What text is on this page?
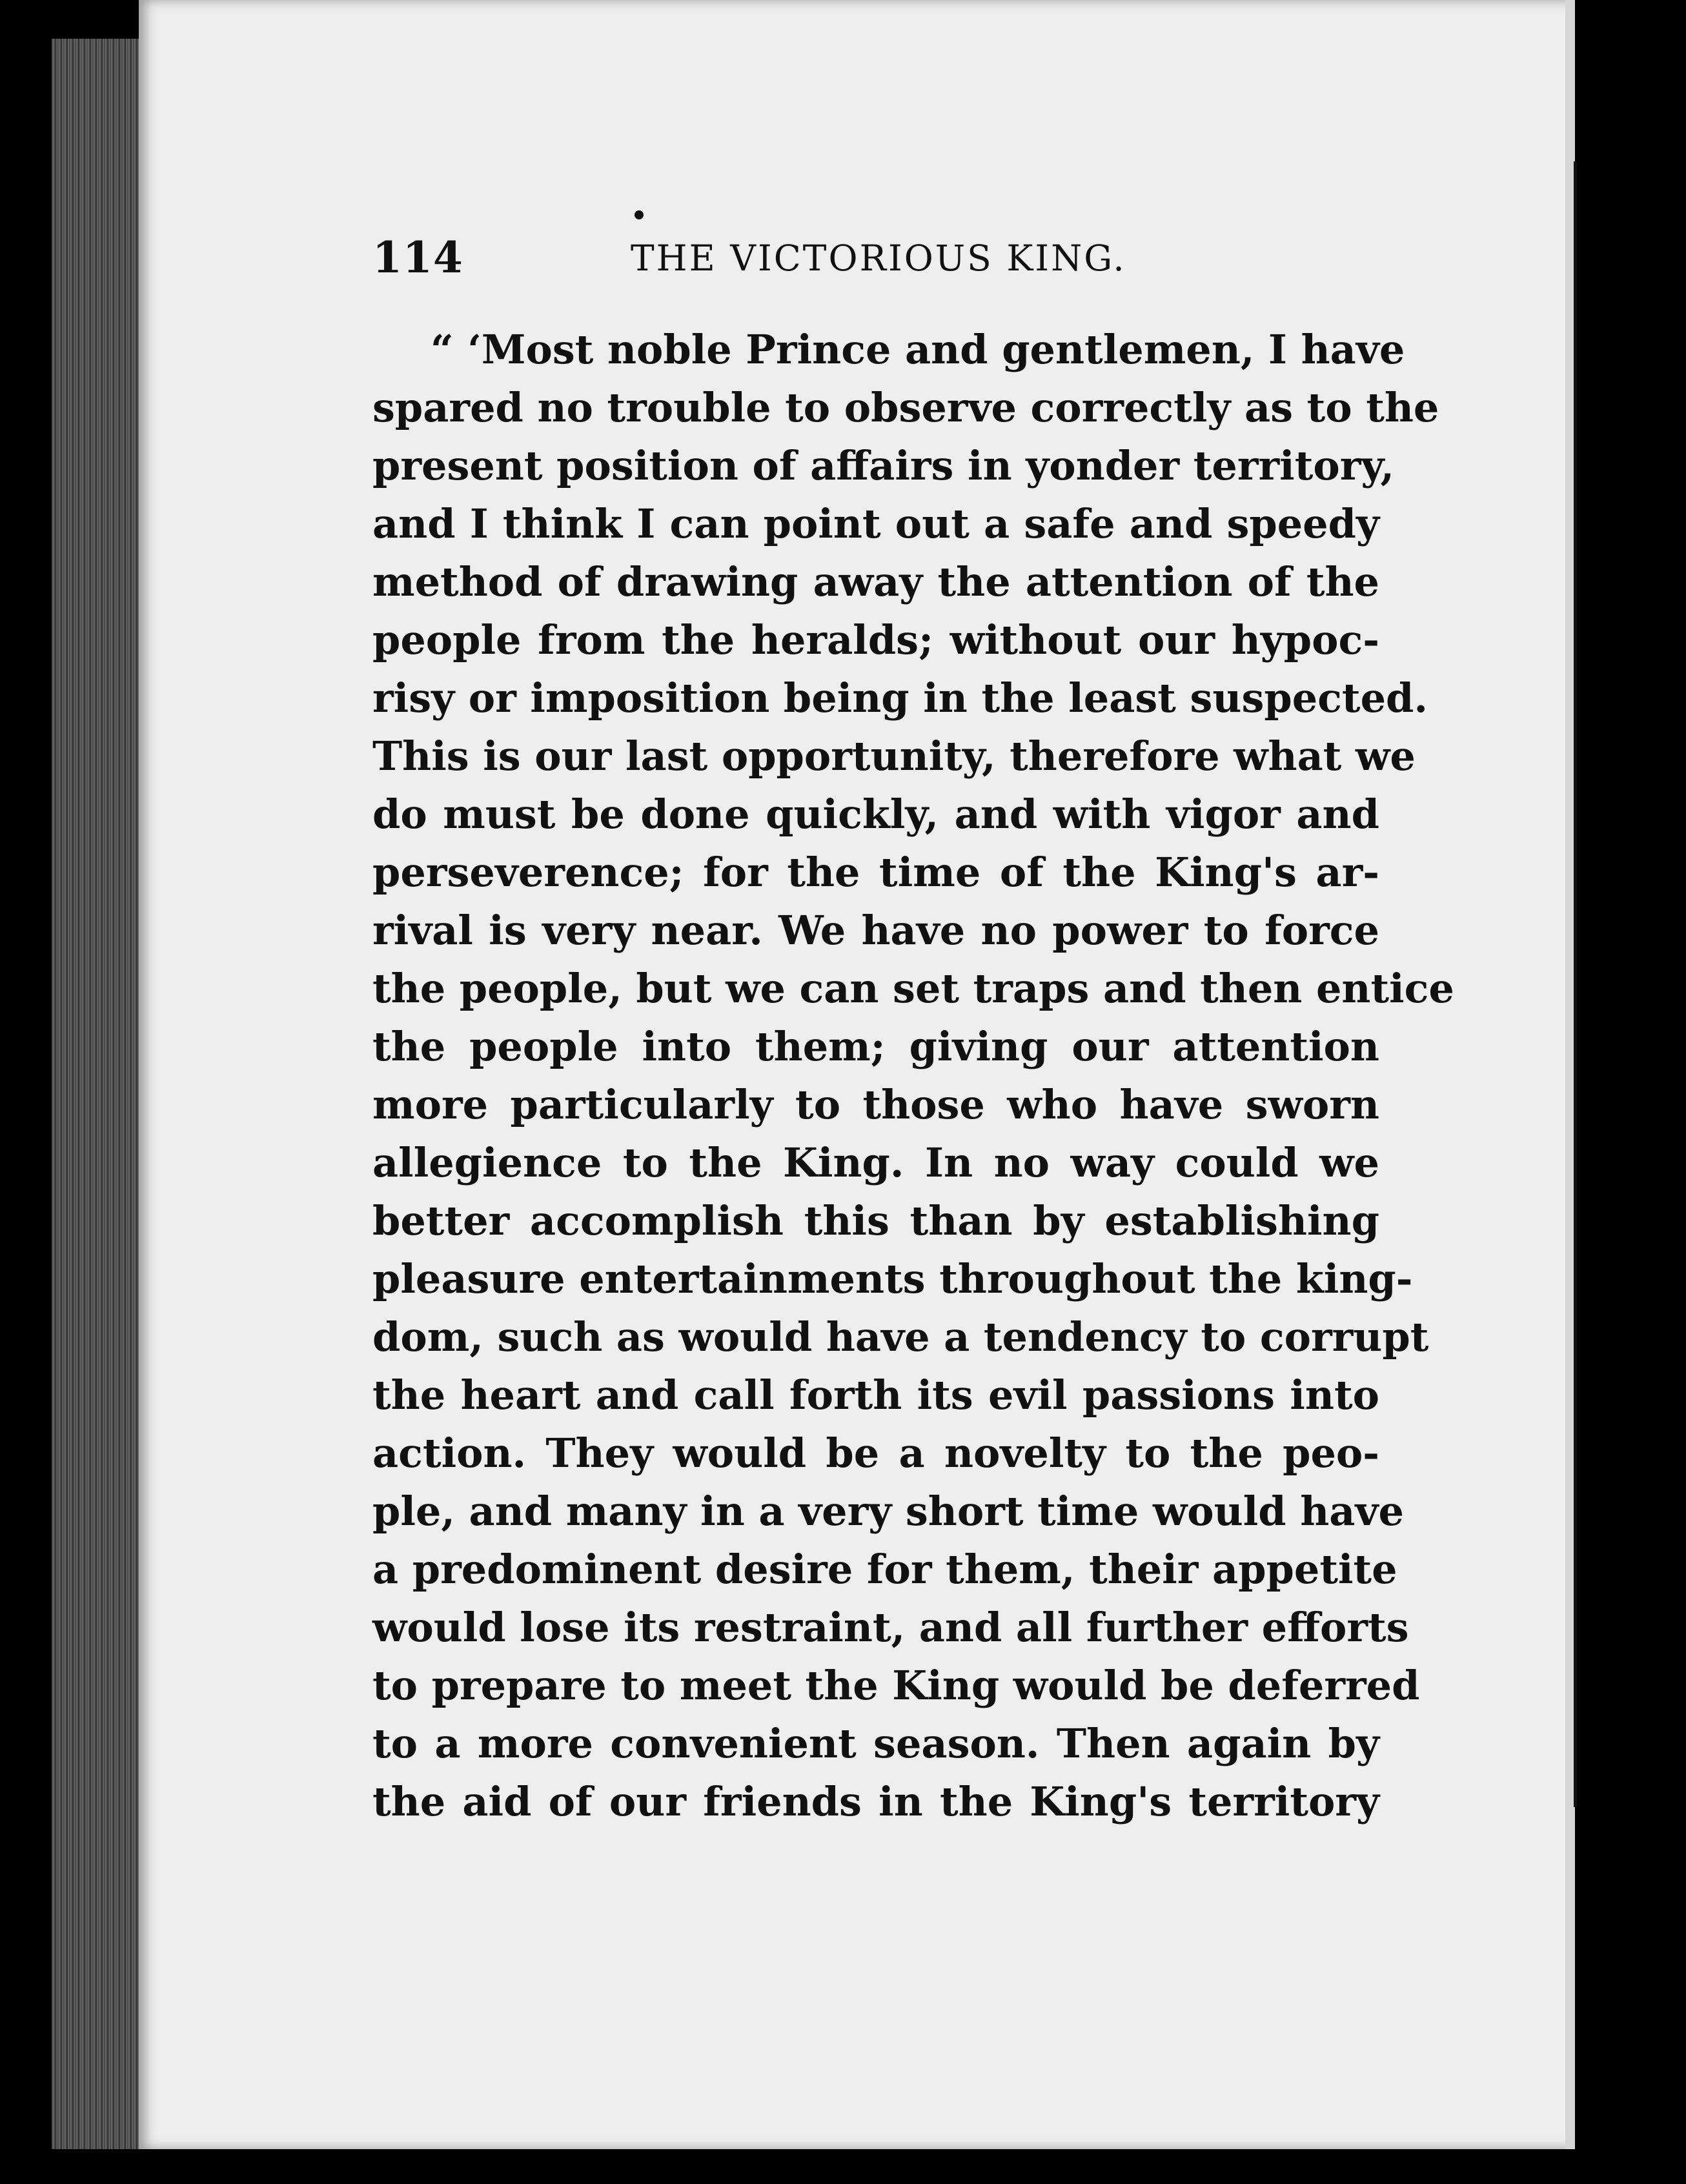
114	THE VICTORIOUS KING.
“ ‘Most noble Prince and gentlemen, I have
spared no trouble to observe correctly as to the
present position of affairs in yonder territory,
and I think I can point out a safe and speedy
method of drawing away the attention of the
people from the heralds; without our hypoc-
risy or imposition being in the least suspected.
This is our last opportunity, therefore what we
do must be done quickly, and with vigor and
perseverence; for the time of the King's ar-
rival is very near. We have no power to force
the people, but we can set traps and then entice
the people into them; giving our attention
more particularly to those who have sworn
allegience to the King. In no way could we
better accomplish this than by establishing
pleasure entertainments throughout the king-
dom, such as would have a tendency to corrupt
the heart and call forth its evil passions into
action. They would be a novelty to the peo-
ple, and many in a very short time would have
a predominent desire for them, their appetite
would lose its restraint, and all further efforts
to prepare to meet the King would be deferred
to a more convenient season. Then again by
the aid of our friends in the King's territory
